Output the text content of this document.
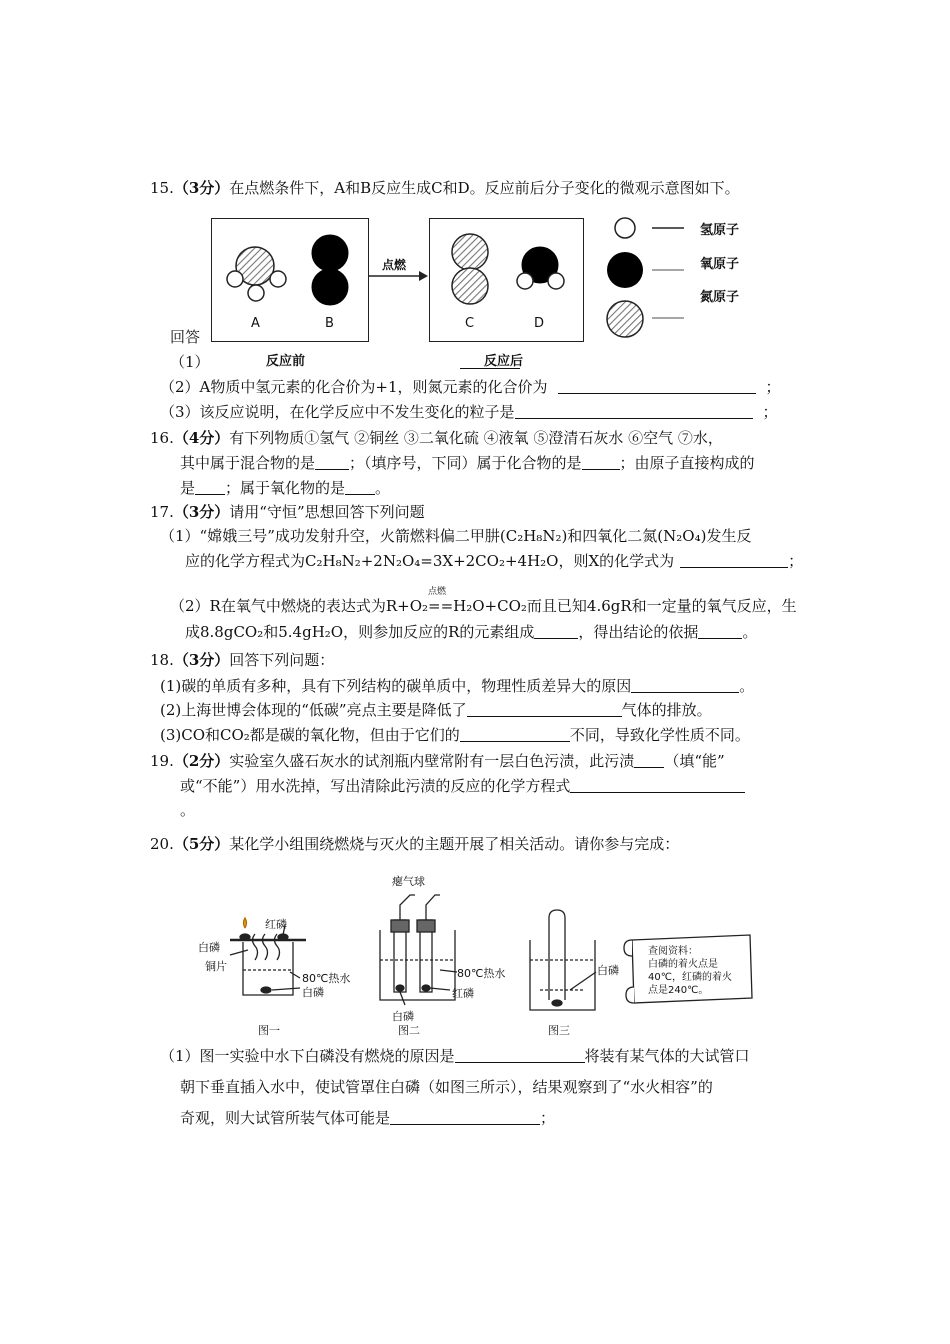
15.（3分）在点燃条件下，A和B反应生成C和D。反应前后分子变化的微观示意图如下。
A	B	C	D
点燃
反应前	反应后
氢原子
氧原子
氮原子
回答
（1）
（2）A物质中氢元素的化合价为+1，则氮元素的化合价为	；
（3）该反应说明，在化学反应中不发生变化的粒子是	；
16.（4分）有下列物质①氢气 ②铜丝 ③二氧化硫 ④液氧 ⑤澄清石灰水 ⑥空气 ⑦水，
其中属于混合物的是 ；（填序号，下同）属于化合物的是	；由原子直接构成的
是 ；属于氧化物的是 。
17.（3分）请用“守恒”思想回答下列问题
（1）“嫦娥三号”成功发射升空，火箭燃料偏二甲肼(C₂H₈N₂)和四氧化二氮(N₂O₄)发生反
应的化学方程式为C₂H₈N₂+2N₂O₄=3X+2CO₂+4H₂O，则X的化学式为	；
点燃
（2）R在氧气中燃烧的表达式为R+O₂==H₂O+CO₂而且已知4.6gR和一定量的氧气反应，生
成8.8gCO₂和5.4gH₂O，则参加反应的R的元素组成	，得出结论的依据	。
18.（3分）回答下列问题：
(1)碳的单质有多种，具有下列结构的碳单质中，物理性质差异大的原因	。
(2)上海世博会体现的“低碳”亮点主要是降低了	气体的排放。
(3)CO和CO₂都是碳的氧化物，但由于它们的	不同，导致化学性质不同。
19.（2分）实验室久盛石灰水的试剂瓶内壁常附有一层白色污渍，此污渍 （填“能”
或“不能”）用水洗掉，写出清除此污渍的反应的化学方程式
。
20.（5分）某化学小组围绕燃烧与灭火的主题开展了相关活动。请你参与完成：
白磷
红磷
铜片
80℃热水
白磷
图一
瘪气球
80℃热水
红磷
白磷
图二
白磷
图三
查阅资料：
白磷的着火点是
40℃，红磷的着火
点是240℃。
（1）图一实验中水下白磷没有燃烧的原因是	将装有某气体的大试管口
朝下垂直插入水中，使试管罩住白磷（如图三所示），结果观察到了“水火相容”的
奇观，则大试管所装气体可能是	；
